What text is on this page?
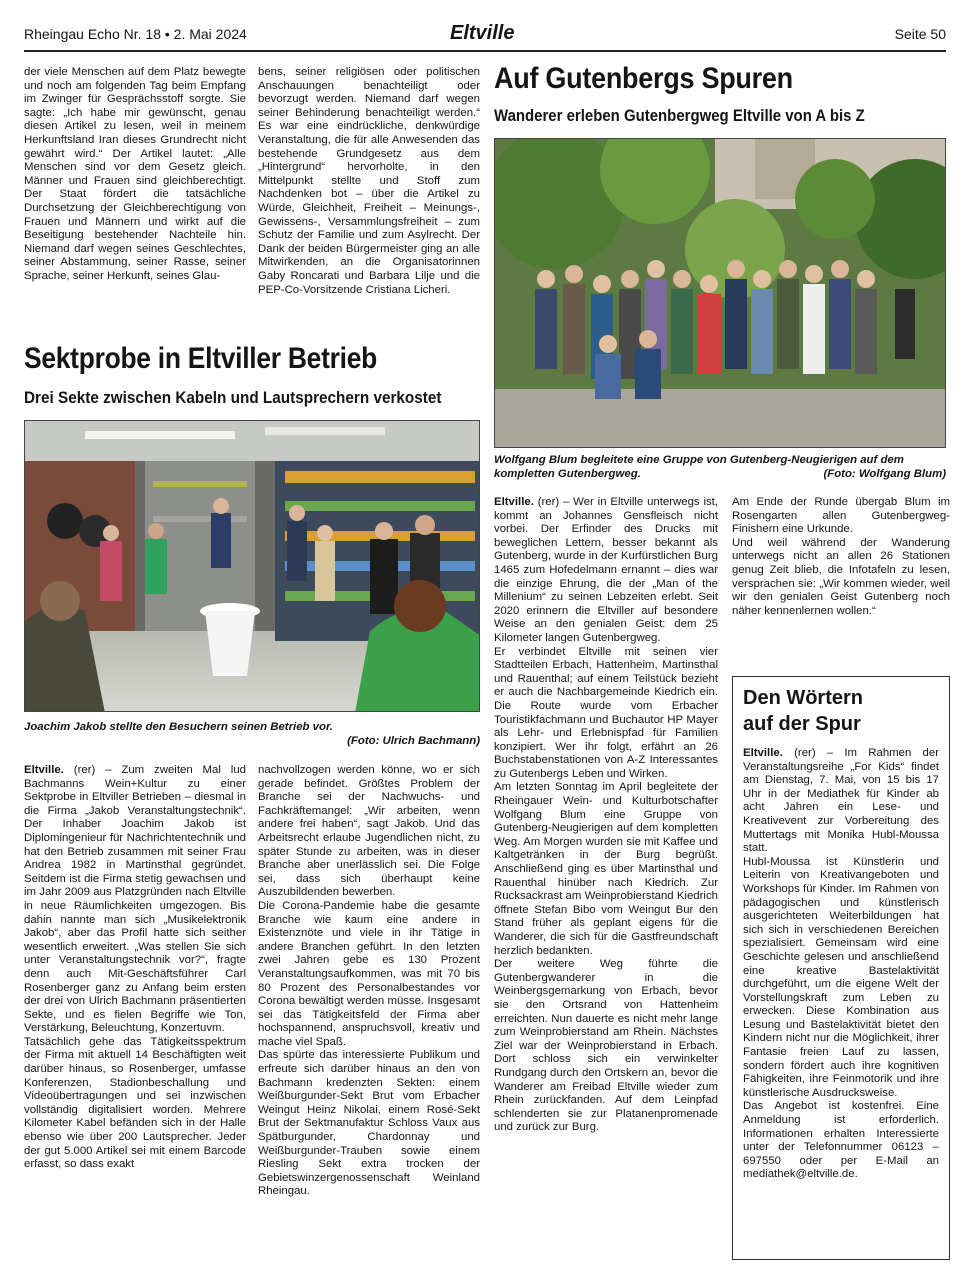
Rheingau Echo Nr. 18 • 2. Mai 2024	Eltville	Seite 50
der viele Menschen auf dem Platz bewegte und noch am folgenden Tag beim Empfang im Zwinger für Gesprächsstoff sorgte. Sie sagte: „Ich habe mir gewünscht, genau diesen Artikel zu lesen, weil in meinem Herkunftsland Iran dieses Grundrecht nicht gewährt wird.“ Der Artikel lautet: „Alle Menschen sind vor dem Gesetz gleich. Männer und Frauen sind gleichberechtigt. Der Staat fördert die tatsächliche Durchsetzung der Gleichberechtigung von Frauen und Männern und wirkt auf die Beseitigung bestehender Nachteile hin. Niemand darf wegen seines Geschlechtes, seiner Abstammung, seiner Rasse, seiner Sprache, seiner Herkunft, seines Glau-
bens, seiner religiösen oder politischen Anschauungen benachteiligt oder bevorzugt werden. Niemand darf wegen seiner Behinderung benachteiligt werden.“ Es war eine eindrückliche, denkwürdige Veranstaltung, die für alle Anwesenden das bestehende Grundgesetz aus dem „Hintergrund“ hervorholte, in den Mittelpunkt stellte und Stoff zum Nachdenken bot – über die Artikel zu Würde, Gleichheit, Freiheit – Meinungs-, Gewissens-, Versammlungsfreiheit – zum Schutz der Familie und zum Asylrecht. Der Dank der beiden Bürgermeister ging an alle Mitwirkenden, an die Organisatorinnen Gaby Roncarati und Barbara Lilje und die PEP-Co-Vorsitzende Cristiana Licheri.
Sektprobe in Eltviller Betrieb
Drei Sekte zwischen Kabeln und Lautsprechern verkostet
Joachim Jakob stellte den Besuchern seinen Betrieb vor.
(Foto: Ulrich Bachmann)

Eltville. (rer) – Zum zweiten Mal lud Bachmanns Wein+Kultur zu einer Sektprobe in Eltviller Betrieben – diesmal in die Firma „Jakob Veranstaltungstechnik“. Der Inhaber Joachim Jakob ist Diplomingenieur für Nachrichtentechnik und hat den Betrieb zusammen mit seiner Frau Andrea 1982 in Martinsthal gegründet. Seitdem ist die Firma stetig gewachsen und im Jahr 2009 aus Platzgründen nach Eltville in neue Räumlichkeiten umgezogen. Bis dahin nannte man sich „Musikelektronik Jakob“, aber das Profil hatte sich seither wesentlich erweitert. „Was stellen Sie sich unter Veranstaltungstechnik vor?“, fragte denn auch Mit-Geschäftsführer Carl Rosenberger ganz zu Anfang beim ersten der drei von Ulrich Bachmann präsentierten Sekte, und es fielen Begriffe wie Ton, Verstärkung, Beleuchtung, Konzertuvm.

Tatsächlich gehe das Tätigkeitsspektrum der Firma mit aktuell 14 Beschäftigten weit darüber hinaus, so Rosenberger, umfasse Konferenzen, Stadionbeschallung und Videoübertragungen und sei inzwischen vollständig digitalisiert worden. Mehrere Kilometer Kabel befänden sich in der Halle ebenso wie über 200 Lautsprecher. Jeder der gut 5.000 Artikel sei mit einem Barcode erfasst, so dass exakt

nachvollzogen werden könne, wo er sich gerade befindet. Größtes Problem der Branche sei der Nachwuchs- und Fachkräftemangel: „Wir arbeiten, wenn andere frei haben“, sagt Jakob. Und das Arbeitsrecht erlaube Jugendlichen nicht, zu später Stunde zu arbeiten, was in dieser Branche aber unerlässlich sei. Die Folge sei, dass sich überhaupt keine Auszubildenden bewerben.

Die Corona-Pandemie habe die gesamte Branche wie kaum eine andere in Existenznöte und viele in ihr Tätige in andere Branchen geführt. In den letzten zwei Jahren gebe es 130 Prozent Veranstaltungsaufkommen, was mit 70 bis 80 Prozent des Personalbestandes vor Corona bewältigt werden müsse. Insgesamt sei das Tätigkeitsfeld der Firma aber hochspannend, anspruchsvoll, kreativ und mache viel Spaß.

Das spürte das interessierte Publikum und erfreute sich darüber hinaus an den von Bachmann kredenzten Sekten: einem Weißburgunder-Sekt Brut vom Erbacher Weingut Heinz Nikolai, einem Rosé-Sekt Brut der Sektmanufaktur Schloss Vaux aus Spätburgunder, Chardonnay und Weißburgunder-Trauben sowie einem Riesling Sekt extra trocken der Gebietswinzergenossenschaft Weinland Rheingau.

Auf Gutenbergs Spuren
Wanderer erleben Gutenbergweg Eltville von A bis Z
Wolfgang Blum begleitete eine Gruppe von Gutenberg-Neugierigen auf dem kompletten Gutenbergweg.	(Foto: Wolfgang Blum)

Eltville. (rer) – Wer in Eltville unterwegs ist, kommt an Johannes Gensfleisch nicht vorbei. Der Erfinder des Drucks mit beweglichen Lettern, besser bekannt als Gutenberg, wurde in der Kurfürstlichen Burg 1465 zum Hofedelmann ernannt – dies war die einzige Ehrung, die der „Man of the Millenium“ zu seinen Lebzeiten erlebt. Seit 2020 erinnern die Eltviller auf besondere Weise an den genialen Geist: dem 25 Kilometer langen Gutenbergweg.

Er verbindet Eltville mit seinen vier Stadtteilen Erbach, Hattenheim, Martinsthal und Rauenthal; auf einem Teilstück bezieht er auch die Nachbargemeinde Kiedrich ein. Die Route wurde vom Erbacher Touristikfachmann und Buchautor HP Mayer als Lehr- und Erlebnispfad für Familien konzipiert. Wer ihr folgt, erfährt an 26 Buchstabenstationen von A-Z Interessantes zu Gutenbergs Leben und Wirken.

Am letzten Sonntag im April begleitete der Rheingauer Wein- und Kulturbotschafter Wolfgang Blum eine Gruppe von Gutenberg-Neugierigen auf dem kompletten Weg. Am Morgen wurden sie mit Kaffee und Kaltgetränken in der Burg begrüßt. Anschließend ging es über Martinsthal und Rauenthal hinüber nach Kiedrich. Zur Rucksackrast am Weinprobierstand Kiedrich öffnete Stefan Bibo vom Weingut Bur den Stand früher als geplant eigens für die Wanderer, die sich für die Gastfreundschaft herzlich bedankten.

Der weitere Weg führte die Gutenbergwanderer in die Weinbergsgemarkung von Erbach, bevor sie den Ortsrand von Hattenheim erreichten. Nun dauerte es nicht mehr lange zum Weinprobierstand am Rhein. Nächstes Ziel war der Weinprobierstand in Erbach. Dort schloss sich ein verwinkelter Rundgang durch den Ortskern an, bevor die Wanderer am Freibad Eltville wieder zum Rhein zurückfanden. Auf dem Leinpfad schlenderten sie zur Platanenpromenade und zurück zur Burg.

Am Ende der Runde übergab Blum im Rosengarten allen Gutenbergweg-Finishern eine Urkunde.

Und weil während der Wanderung unterwegs nicht an allen 26 Stationen genug Zeit blieb, die Infotafeln zu lesen, versprachen sie: „Wir kommen wieder, weil wir den genialen Geist Gutenberg noch näher kennenlernen wollen.“

Den Wörtern
auf der Spur

Eltville. (rer) – Im Rahmen der Veranstaltungsreihe „For Kids“ findet am Dienstag, 7. Mai, von 15 bis 17 Uhr in der Mediathek für Kinder ab acht Jahren ein Lese- und Kreativevent zur Vorbereitung des Muttertags mit Monika Hubl-Moussa statt.

Hubl-Moussa ist Künstlerin und Leiterin von Kreativangeboten und Workshops für Kinder. Im Rahmen von pädagogischen und künstlerisch ausgerichteten Weiterbildungen hat sich sich in verschiedenen Bereichen spezialisiert. Gemeinsam wird eine Geschichte gelesen und anschließend eine kreative Bastelaktivität durchgeführt, um die eigene Welt der Vorstellungskraft zum Leben zu erwecken. Diese Kombination aus Lesung und Bastelaktivität bietet den Kindern nicht nur die Möglichkeit, ihrer Fantasie freien Lauf zu lassen, sondern fördert auch ihre kognitiven Fähigkeiten, ihre Feinmotorik und ihre künstlerische Ausdrucksweise.

Das Angebot ist kostenfrei. Eine Anmeldung ist erforderlich. Informationen erhalten Interessierte unter der Telefonnummer 06123 – 697550 oder per E-Mail an mediathek@eltville.de.
